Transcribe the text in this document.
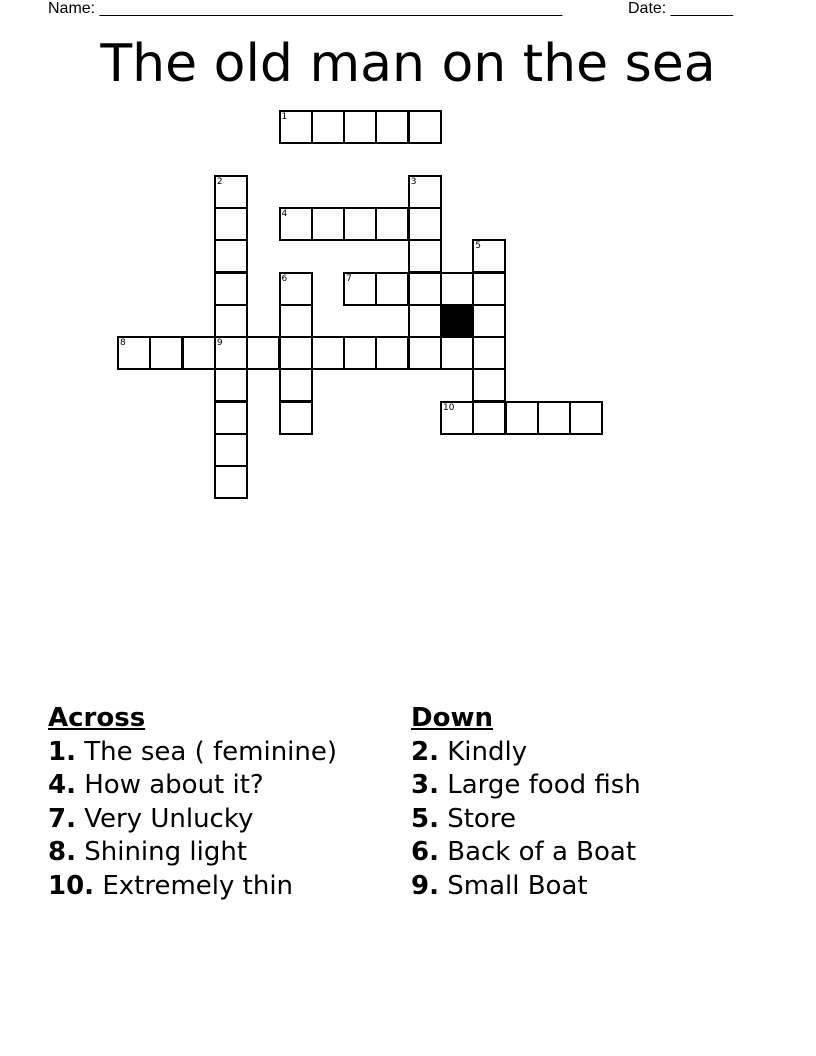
Name: ____________________________________________________	Date: _______
The old man on the sea
1
2	3
4
5
6	7
8	9
10
Across
1. The sea ( feminine)
4. How about it?
7. Very Unlucky
8. Shining light
10. Extremely thin
Down
2. Kindly
3. Large food fish
5. Store
6. Back of a Boat
9. Small Boat
